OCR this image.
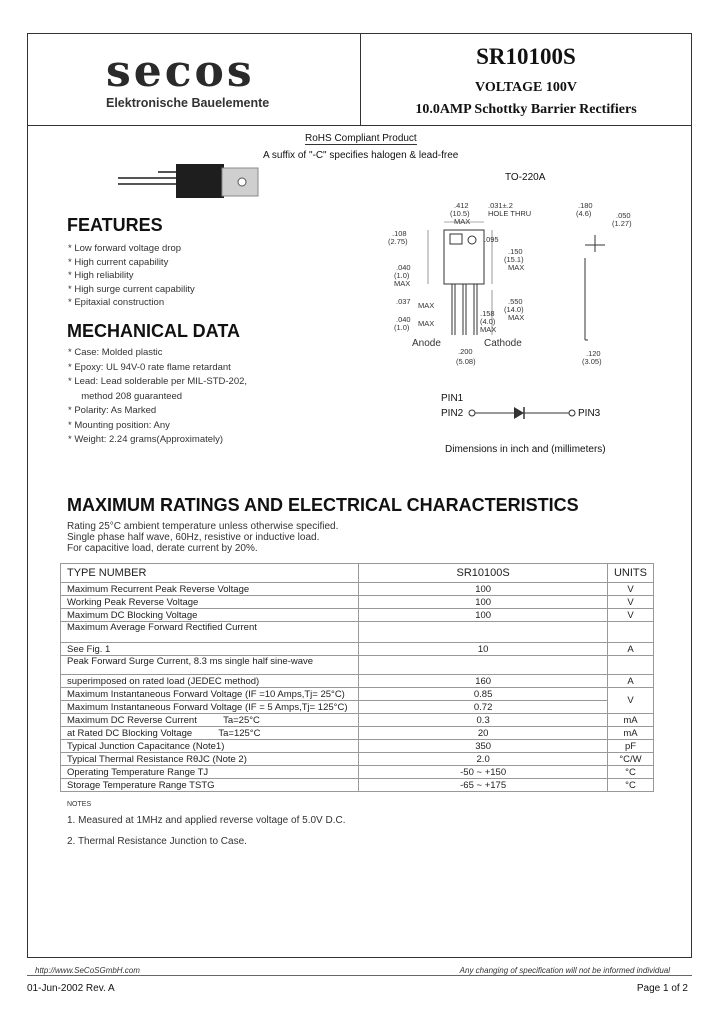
secos
Elektronische Bauelemente
SR10100S
VOLTAGE 100V
10.0AMP Schottky Barrier Rectifiers
RoHS Compliant Product
A suffix of "-C" specifies halogen & lead-free
FEATURES
* Low forward voltage drop
* High current capability
* High reliability
* High surge current capability
* Epitaxial construction
MECHANICAL DATA
* Case: Molded plastic
* Epoxy: UL 94V-0 rate flame retardant
* Lead: Lead solderable per MIL-STD-202,
method 208 guaranteed
* Polarity: As Marked
* Mounting position: Any
* Weight: 2.24 grams(Approximately)
TO-220A
.412
(10.5)
MAX
.031±.2
HOLE THRU
.108
(2.75)
.040
(1.0)
MAX
.037 MAX
.040
(1.0) MAX
.095
.150
(15.1)
MAX
.550
(14.0)
.158
(4.0)
MAX
.200
(5.08)
.180
(4.6)	.050
(1.27)
.120
(3.05)
Anode	Cathode
MAX
PIN1
PIN2	PIN3
Dimensions in inch and (millimeters)
MAXIMUM RATINGS AND ELECTRICAL CHARACTERISTICS
Rating 25°C ambient temperature unless otherwise specified.
Single phase half wave, 60Hz, resistive or inductive load.
For capacitive load, derate current by 20%.
TYPE NUMBER	SR10100S	UNITS
Maximum Recurrent Peak Reverse Voltage	100	V
Working Peak Reverse Voltage	100	V
Maximum DC Blocking Voltage	100	V
Maximum Average Forward Rectified Current		
See Fig. 1	10	A
Peak Forward Surge Current, 8.3 ms single half sine-wave		
superimposed on rated load (JEDEC method)	160	A
Maximum Instantaneous Forward Voltage (IF =10 Amps,Tj= 25°C)	0.85	V
Maximum Instantaneous Forward Voltage (IF = 5 Amps,Tj= 125°C)	0.72	
Maximum DC Reverse Current          Ta=25°C	0.3	mA
at Rated DC Blocking Voltage          Ta=125°C	20	mA
Typical Junction Capacitance (Note1)	350	pF
Typical Thermal Resistance RθJC (Note 2)	2.0	°C/W
Operating Temperature Range TJ	-50 ~ +150	°C
Storage Temperature Range TSTG	-65 ~ +175	°C
NOTES
1. Measured at 1MHz and applied reverse voltage of 5.0V D.C.
2. Thermal Resistance Junction to Case.
http://www.SeCoSGmbH.com	Any changing of specification will not be informed individual
01-Jun-2002 Rev. A	Page 1 of 2
